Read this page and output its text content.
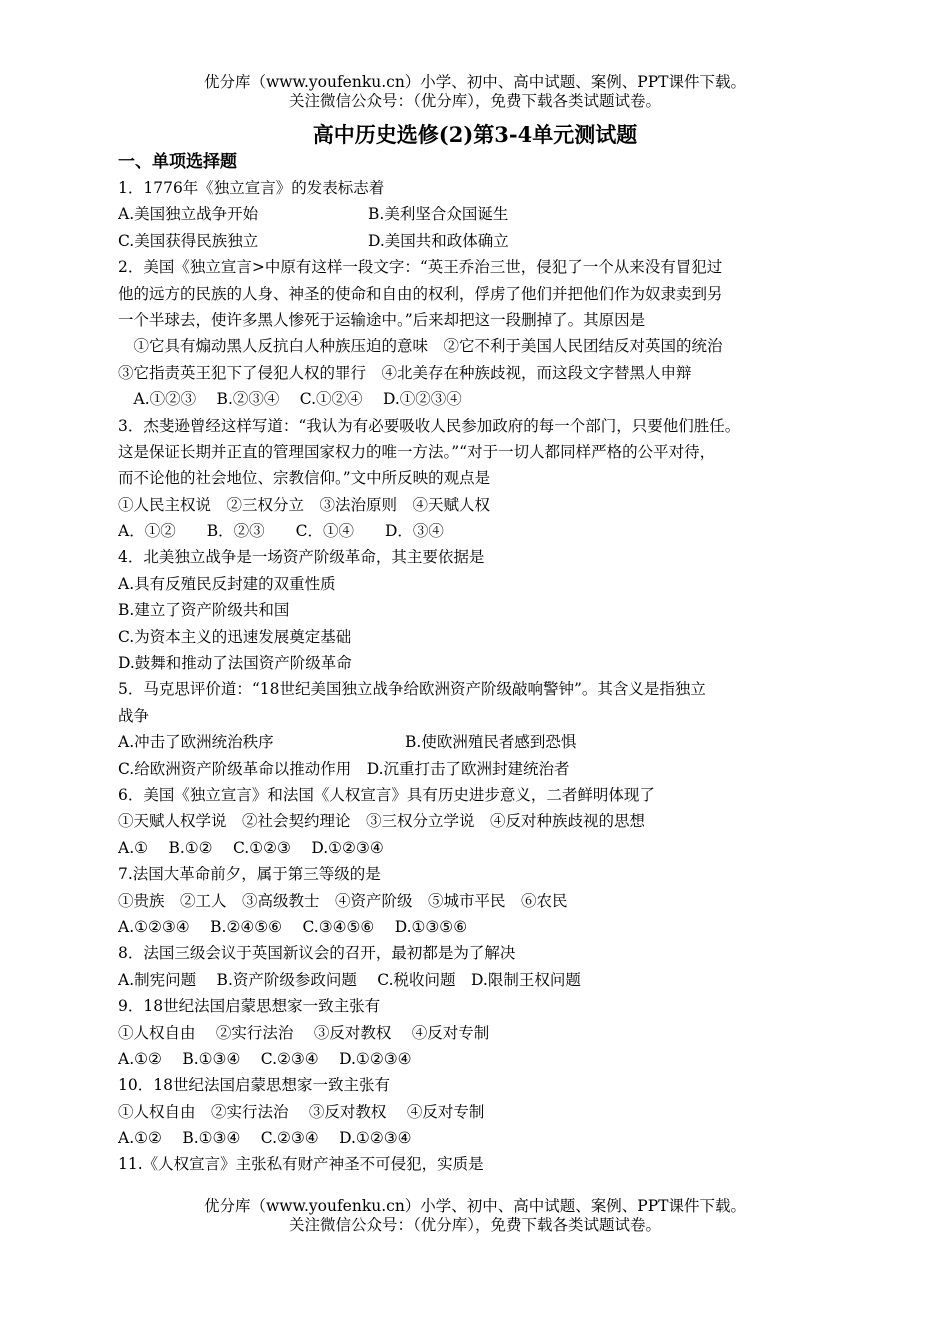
优分库（www.youfenku.cn）小学、初中、高中试题、案例、PPT课件下载。
关注微信公众号：（优分库），免费下载各类试题试卷。
高中历史选修(2)第3-4单元测试题
一、单项选择题
1．1776年《独立宣言》的发表标志着
A.美国独立战争开始	B.美利坚合众国诞生
C.美国获得民族独立	D.美国共和政体确立
2．美国《独立宣言>中原有这样一段文字：“英王乔治三世，侵犯了一个从来没有冒犯过
他的远方的民族的人身、神圣的使命和自由的权利，俘虏了他们并把他们作为奴隶卖到另
一个半球去，使许多黑人惨死于运输途中。”后来却把这一段删掉了。其原因是
　①它具有煽动黑人反抗白人种族压迫的意味　②它不利于美国人民团结反对英国的统治
③它指责英王犯下了侵犯人权的罪行　④北美存在种族歧视，而这段文字替黑人申辩
　A.①②③　 B.②③④　 C.①②④　 D.①②③④
3．杰斐逊曾经这样写道：“我认为有必要吸收人民参加政府的每一个部门，只要他们胜任。
这是保证长期并正直的管理国家权力的唯一方法。”“对于一切人都同样严格的公平对待，
而不论他的社会地位、宗教信仰。”文中所反映的观点是
①人民主权说　②三权分立　③法治原则　④天赋人权
A．①②　　B．②③　　C．①④　　D．③④
4．北美独立战争是一场资产阶级革命，其主要依据是
A.具有反殖民反封建的双重性质
B.建立了资产阶级共和国
C.为资本主义的迅速发展奠定基础
D.鼓舞和推动了法国资产阶级革命
5．马克思评价道：“18世纪美国独立战争给欧洲资产阶级敲响警钟”。其含义是指独立
战争
A.冲击了欧洲统治秩序	B.使欧洲殖民者感到恐惧
C.给欧洲资产阶级革命以推动作用　D.沉重打击了欧洲封建统治者
6．美国《独立宣言》和法国《人权宣言》具有历史进步意义，二者鲜明体现了
①天赋人权学说　②社会契约理论　③三权分立学说　④反对种族歧视的思想
A.①　 B.①②　 C.①②③　 D.①②③④
7.法国大革命前夕，属于第三等级的是
①贵族　②工人　③高级教士　④资产阶级　⑤城市平民　⑥农民
A.①②③④　 B.②④⑤⑥　 C.③④⑤⑥　 D.①③⑤⑥
8．法国三级会议于英国新议会的召开，最初都是为了解决
A.制宪问题　 B.资产阶级参政问题　 C.税收问题　D.限制王权问题
9．18世纪法国启蒙思想家一致主张有
①人权自由　 ②实行法治　 ③反对教权　 ④反对专制
A.①②　 B.①③④　 C.②③④　 D.①②③④
10．18世纪法国启蒙思想家一致主张有
①人权自由　②实行法治　 ③反对教权　 ④反对专制
A.①②　 B.①③④　 C.②③④　 D.①②③④
11.《人权宣言》主张私有财产神圣不可侵犯，实质是
优分库（www.youfenku.cn）小学、初中、高中试题、案例、PPT课件下载。
关注微信公众号：（优分库），免费下载各类试题试卷。
